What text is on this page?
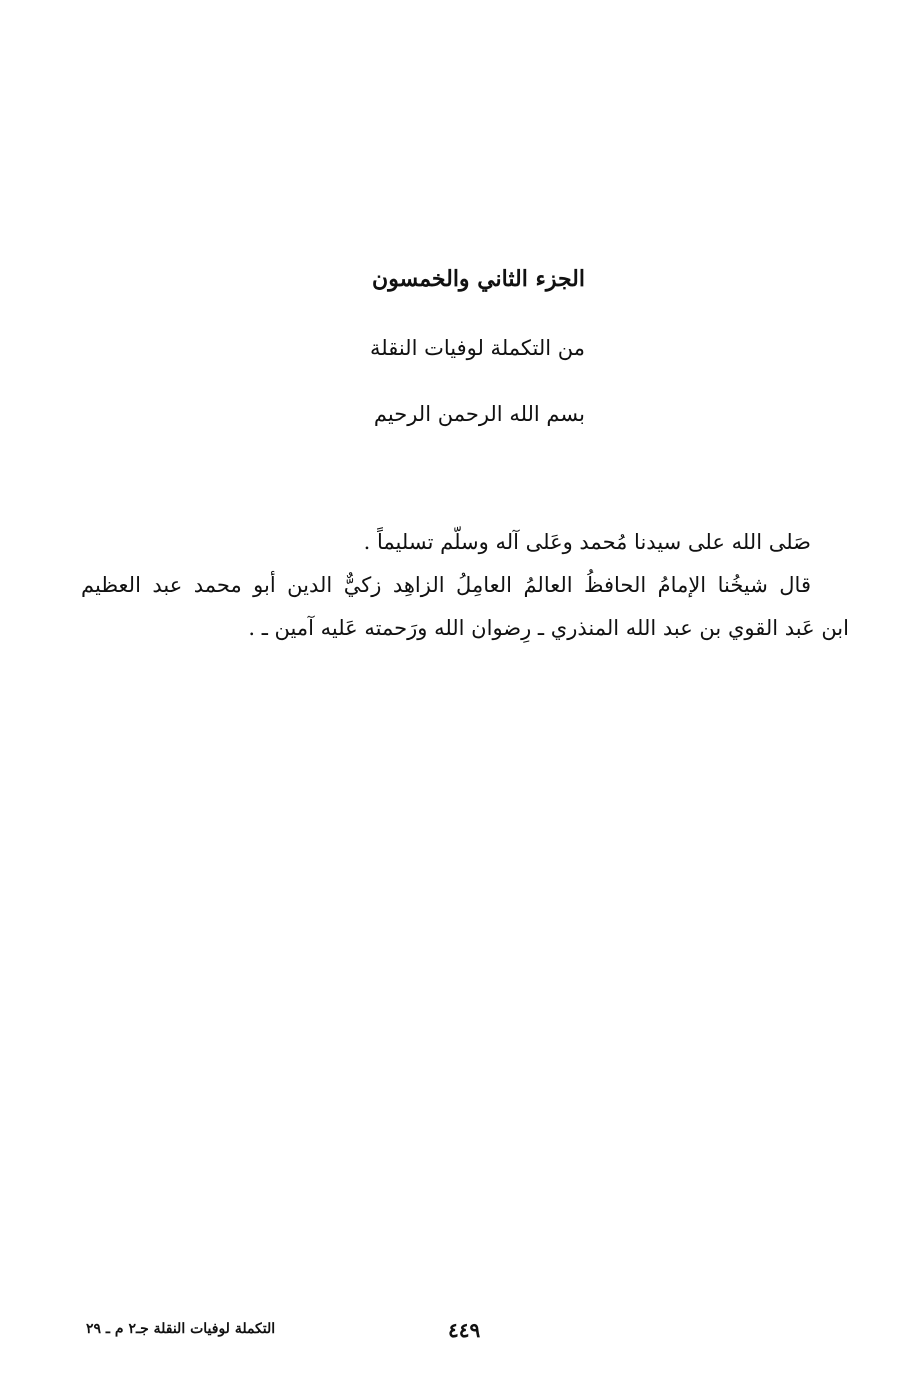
الجزء الثاني والخمسون
من التكملة لوفيات النقلة
بسم الله الرحمن الرحيم
صَلى الله على سيدنا مُحمد وعَلى آله وسلّم تسليماً .
قال شيخُنا الإمامُ الحافظُ العالمُ العامِلُ الزاهِد زكيٌّ الدين أبو محمد عبد العظيم
ابن عَبد القوي بن عبد الله المنذري ـ رِضوان الله ورَحمته عَليه آمين ـ .
التكملة لوفيات النقلة جـ٢ م ـ ٢٩	٤٤٩
